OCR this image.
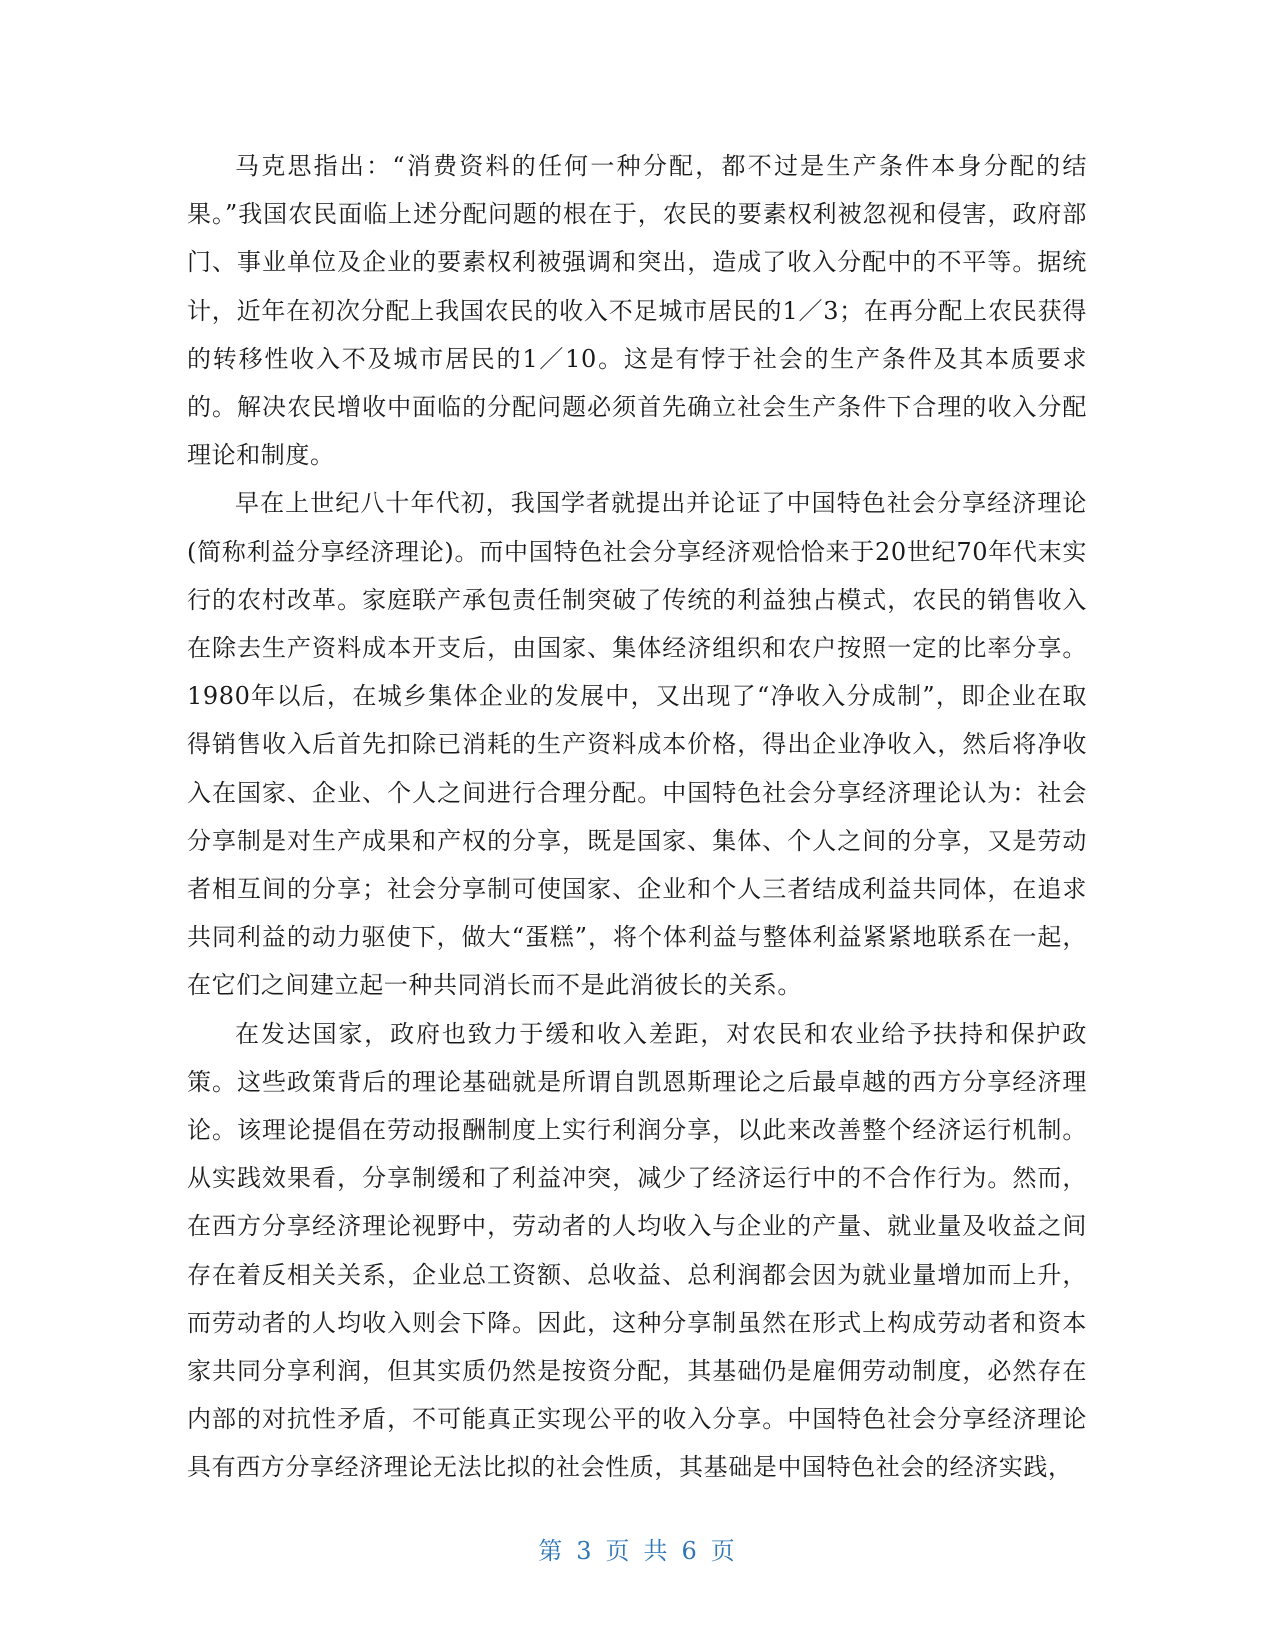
马克思指出：“消费资料的任何一种分配，都不过是生产条件本身分配的结果。”我国农民面临上述分配问题的根在于，农民的要素权利被忽视和侵害，政府部门、事业单位及企业的要素权利被强调和突出，造成了收入分配中的不平等。据统计，近年在初次分配上我国农民的收入不足城市居民的1／3；在再分配上农民获得的转移性收入不及城市居民的1／10。这是有悖于社会的生产条件及其本质要求的。解决农民增收中面临的分配问题必须首先确立社会生产条件下合理的收入分配理论和制度。

早在上世纪八十年代初，我国学者就提出并论证了中国特色社会分享经济理论(简称利益分享经济理论)。而中国特色社会分享经济观恰恰来于20世纪70年代末实行的农村改革。家庭联产承包责任制突破了传统的利益独占模式，农民的销售收入在除去生产资料成本开支后，由国家、集体经济组织和农户按照一定的比率分享。1980年以后，在城乡集体企业的发展中，又出现了“净收入分成制”，即企业在取得销售收入后首先扣除已消耗的生产资料成本价格，得出企业净收入，然后将净收入在国家、企业、个人之间进行合理分配。中国特色社会分享经济理论认为：社会分享制是对生产成果和产权的分享，既是国家、集体、个人之间的分享，又是劳动者相互间的分享；社会分享制可使国家、企业和个人三者结成利益共同体，在追求共同利益的动力驱使下，做大“蛋糕”，将个体利益与整体利益紧紧地联系在一起，在它们之间建立起一种共同消长而不是此消彼长的关系。

在发达国家，政府也致力于缓和收入差距，对农民和农业给予扶持和保护政策。这些政策背后的理论基础就是所谓自凯恩斯理论之后最卓越的西方分享经济理论。该理论提倡在劳动报酬制度上实行利润分享，以此来改善整个经济运行机制。从实践效果看，分享制缓和了利益冲突，减少了经济运行中的不合作行为。然而，在西方分享经济理论视野中，劳动者的人均收入与企业的产量、就业量及收益之间存在着反相关关系，企业总工资额、总收益、总利润都会因为就业量增加而上升，而劳动者的人均收入则会下降。因此，这种分享制虽然在形式上构成劳动者和资本家共同分享利润，但其实质仍然是按资分配，其基础仍是雇佣劳动制度，必然存在内部的对抗性矛盾，不可能真正实现公平的收入分享。中国特色社会分享经济理论具有西方分享经济理论无法比拟的社会性质，其基础是中国特色社会的经济实践，

第 3 页 共 6 页
